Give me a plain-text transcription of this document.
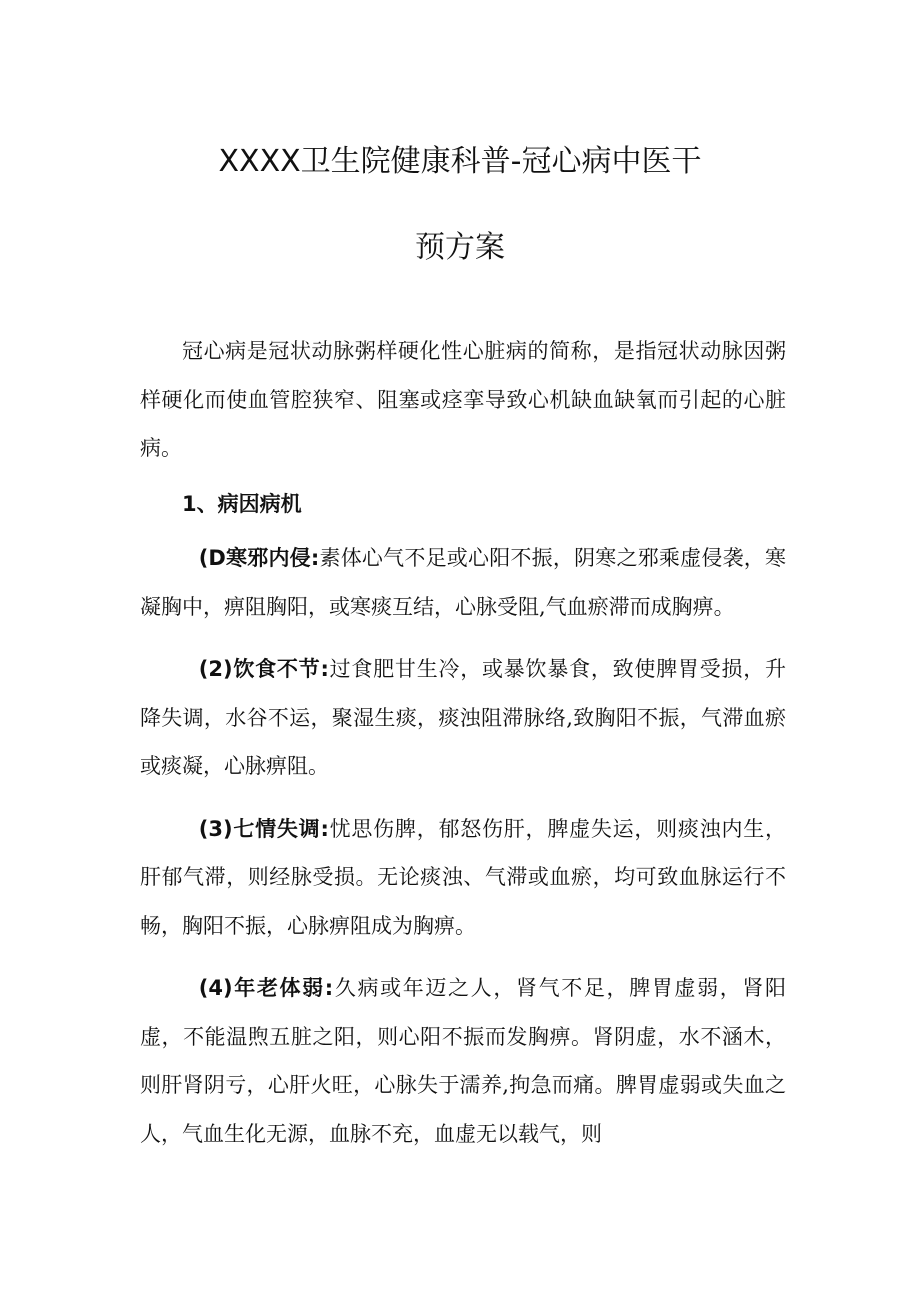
XXXX卫生院健康科普-冠心病中医干
预方案

冠心病是冠状动脉粥样硬化性心脏病的简称，是指冠状动脉因粥样硬化而使血管腔狭窄、阻塞或痉挛导致心机缺血缺氧而引起的心脏病。

1、病因病机

(D寒邪内侵:素体心气不足或心阳不振，阴寒之邪乘虚侵袭，寒凝胸中，痹阻胸阳，或寒痰互结，心脉受阻,气血瘀滞而成胸痹。

(2)饮食不节:过食肥甘生冷，或暴饮暴食，致使脾胃受损，升降失调，水谷不运，聚湿生痰，痰浊阻滞脉络,致胸阳不振，气滞血瘀或痰凝，心脉痹阻。

(3)七情失调:忧思伤脾，郁怒伤肝，脾虚失运，则痰浊内生，肝郁气滞，则经脉受损。无论痰浊、气滞或血瘀，均可致血脉运行不畅，胸阳不振，心脉痹阻成为胸痹。

(4)年老体弱:久病或年迈之人，肾气不足，脾胃虚弱，肾阳虚，不能温煦五脏之阳，则心阳不振而发胸痹。肾阴虚，水不涵木，则肝肾阴亏，心肝火旺，心脉失于濡养,拘急而痛。脾胃虚弱或失血之人，气血生化无源，血脉不充，血虚无以载气，则
